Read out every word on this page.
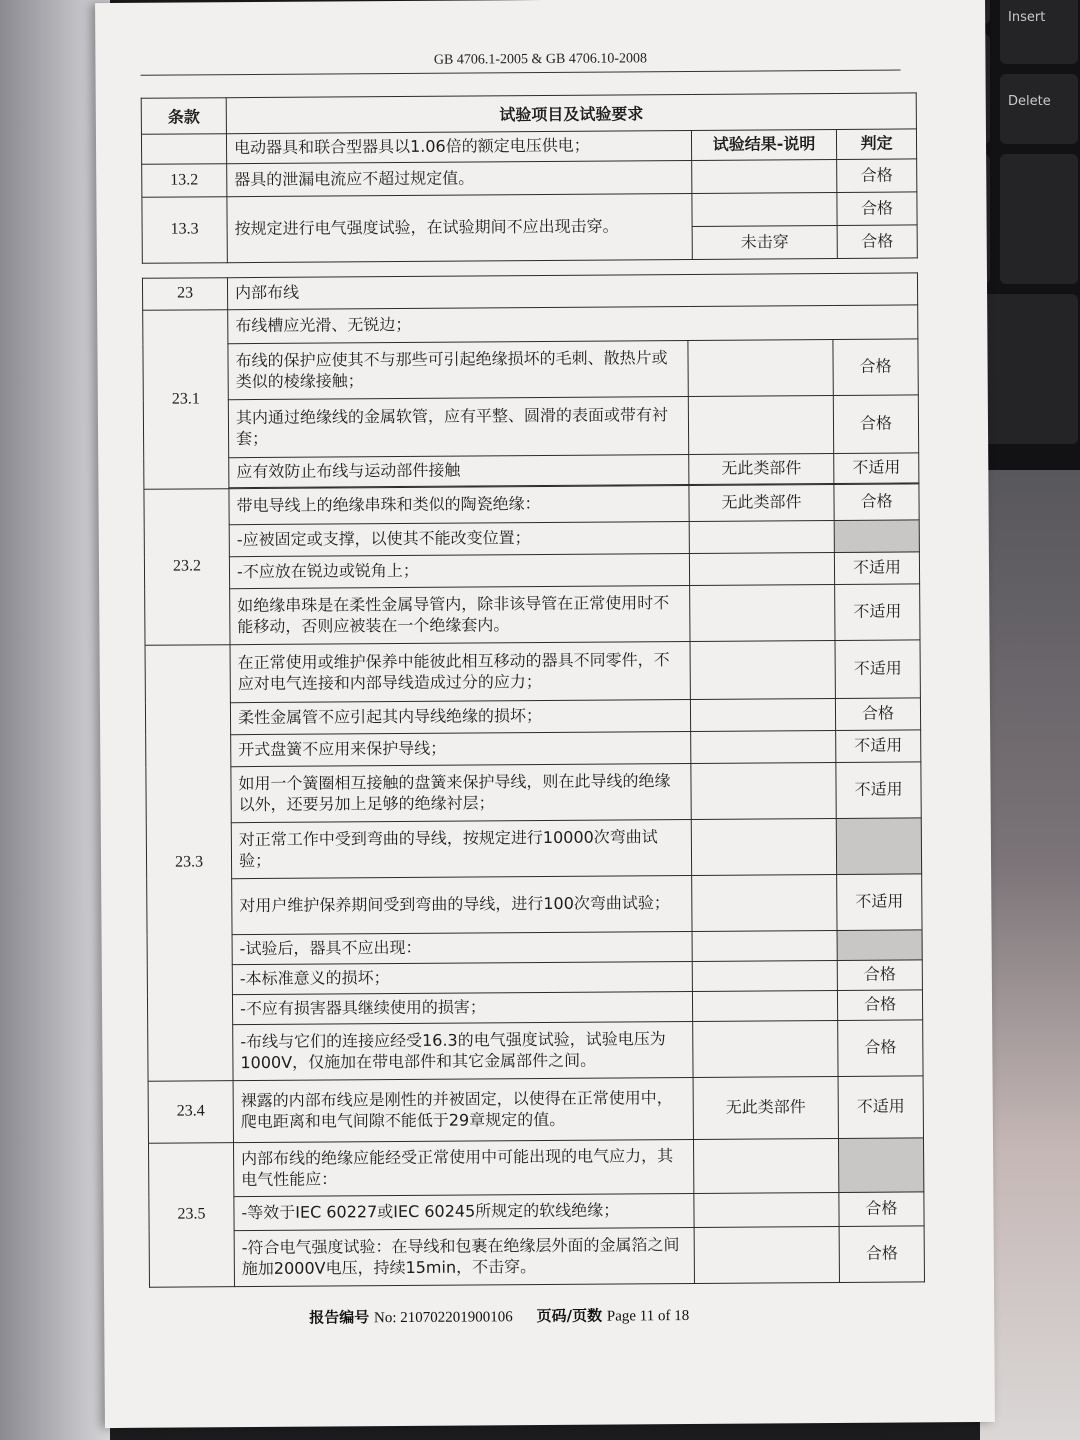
Insert
Delete
GB 4706.1-2005 & GB 4706.10-2008
条款	试验项目及试验要求		
	电动器具和联合型器具以1.06倍的额定电压供电；	试验结果-说明	判定
13.2	器具的泄漏电流应不超过规定值。		合格
13.3	按规定进行电气强度试验，在试验期间不应出现击穿。		合格
		未击穿	合格
23	内部布线		
23.1	布线槽应光滑、无锐边；		
	布线的保护应使其不与那些可引起绝缘损坏的毛刺、散热片或类似的棱缘接触；		合格
	其内通过绝缘线的金属软管，应有平整、圆滑的表面或带有衬套；		合格
	应有效防止布线与运动部件接触	无此类部件	不适用

23.2	带电导线上的绝缘串珠和类似的陶瓷绝缘：	无此类部件	合格
	-应被固定或支撑，以使其不能改变位置；		
	-不应放在锐边或锐角上；		不适用
	如绝缘串珠是在柔性金属导管内，除非该导管在正常使用时不能移动，否则应被装在一个绝缘套内。		不适用
23.3	在正常使用或维护保养中能彼此相互移动的器具不同零件，不应对电气连接和内部导线造成过分的应力；		不适用
	柔性金属管不应引起其内导线绝缘的损坏；		合格
	开式盘簧不应用来保护导线；		不适用
	如用一个簧圈相互接触的盘簧来保护导线，则在此导线的绝缘以外，还要另加上足够的绝缘衬层；		不适用
	对正常工作中受到弯曲的导线，按规定进行10000次弯曲试验；		
	对用户维护保养期间受到弯曲的导线，进行100次弯曲试验；		不适用
	-试验后，器具不应出现：		
	-本标准意义的损坏；		合格
	-不应有损害器具继续使用的损害；		合格
	-布线与它们的连接应经受16.3的电气强度试验，试验电压为1000V，仅施加在带电部件和其它金属部件之间。		合格
23.4	裸露的内部布线应是刚性的并被固定，以使得在正常使用中，爬电距离和电气间隙不能低于29章规定的值。	无此类部件	不适用
23.5	内部布线的绝缘应能经受正常使用中可能出现的电气应力，其电气性能应：		
	-等效于IEC 60227或IEC 60245所规定的软线绝缘；		合格
	-符合电气强度试验：在导线和包裹在绝缘层外面的金属箔之间施加2000V电压，持续15min，不击穿。		合格
报告编号 No: 210702201900106 页码/页数 Page 11 of 18
